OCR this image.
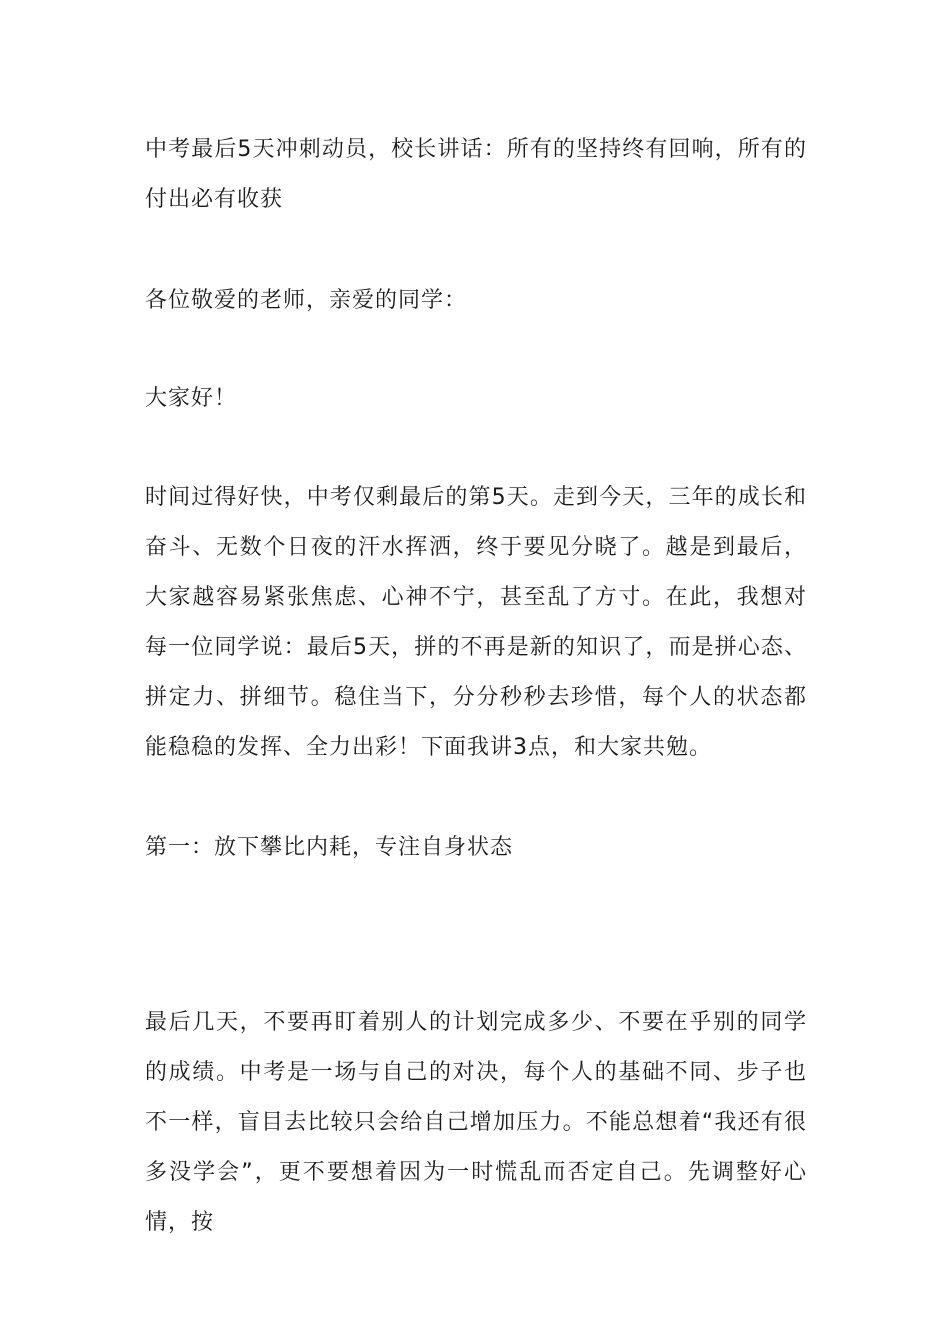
中考最后5天冲刺动员，校长讲话：所有的坚持终有回响，所有的付出必有收获

各位敬爱的老师，亲爱的同学：

大家好！

时间过得好快，中考仅剩最后的第5天。走到今天，三年的成长和奋斗、无数个日夜的汗水挥洒，终于要见分晓了。越是到最后，大家越容易紧张焦虑、心神不宁，甚至乱了方寸。在此，我想对每一位同学说：最后5天，拼的不再是新的知识了，而是拼心态、拼定力、拼细节。稳住当下，分分秒秒去珍惜，每个人的状态都能稳稳的发挥、全力出彩！下面我讲3点，和大家共勉。

第一：放下攀比内耗，专注自身状态

最后几天，不要再盯着别人的计划完成多少、不要在乎别的同学的成绩。中考是一场与自己的对决，每个人的基础不同、步子也不一样，盲目去比较只会给自己增加压力。不能总想着“我还有很多没学会”，更不要想着因为一时慌乱而否定自己。先调整好心情，按
